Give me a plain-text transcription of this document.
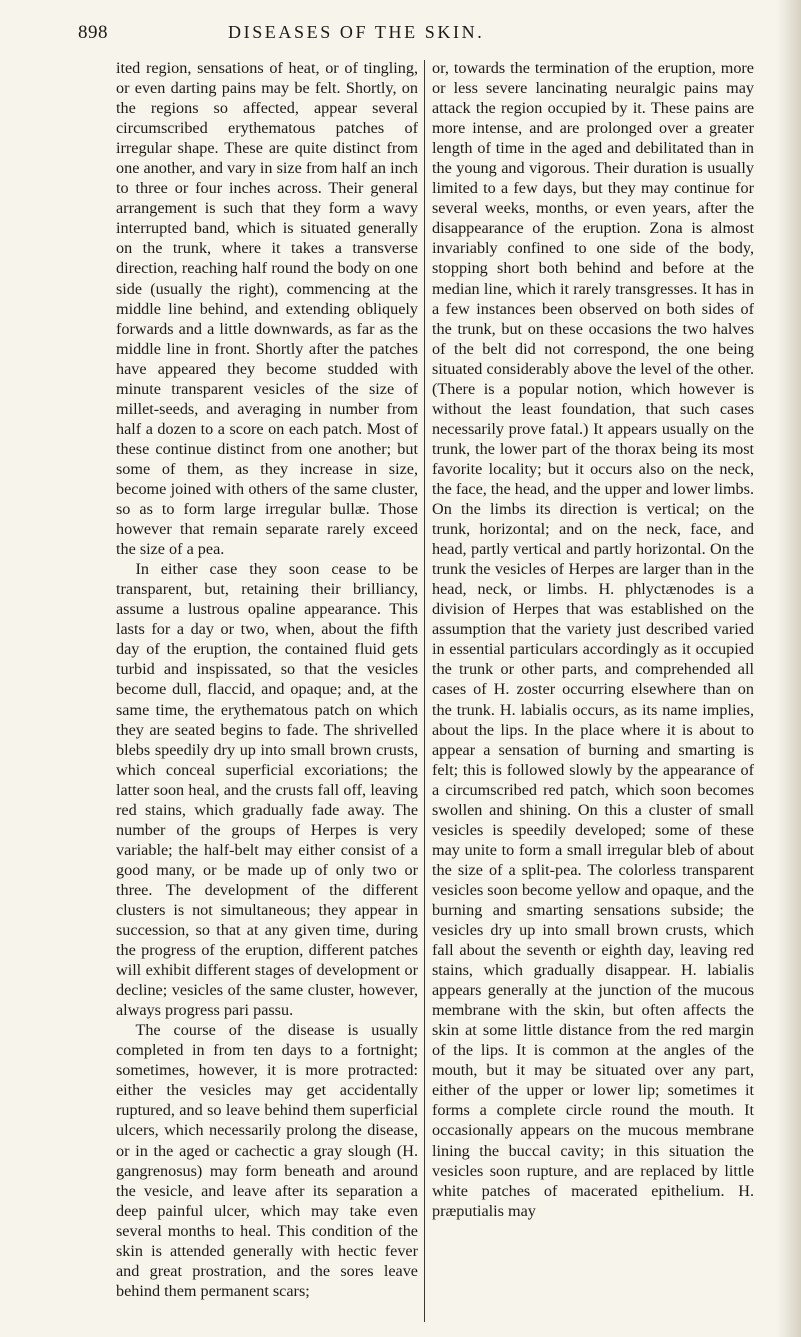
898	DISEASES OF THE SKIN.

ited region, sensations of heat, or of tingling, or even darting pains may be felt. Shortly, on the regions so affected, appear several circumscribed erythematous patches of irregular shape. These are quite distinct from one another, and vary in size from half an inch to three or four inches across. Their general arrangement is such that they form a wavy interrupted band, which is situated generally on the trunk, where it takes a transverse direction, reaching half round the body on one side (usually the right), commencing at the middle line behind, and extending obliquely forwards and a little downwards, as far as the middle line in front. Shortly after the patches have appeared they become studded with minute transparent vesicles of the size of millet-seeds, and averaging in number from half a dozen to a score on each patch. Most of these continue distinct from one another; but some of them, as they increase in size, become joined with others of the same cluster, so as to form large irregular bullæ. Those however that remain separate rarely exceed the size of a pea.

In either case they soon cease to be transparent, but, retaining their brilliancy, assume a lustrous opaline appearance. This lasts for a day or two, when, about the fifth day of the eruption, the contained fluid gets turbid and inspissated, so that the vesicles become dull, flaccid, and opaque; and, at the same time, the erythematous patch on which they are seated begins to fade. The shrivelled blebs speedily dry up into small brown crusts, which conceal superficial excoriations; the latter soon heal, and the crusts fall off, leaving red stains, which gradually fade away. The number of the groups of Herpes is very variable; the half-belt may either consist of a good many, or be made up of only two or three. The development of the different clusters is not simultaneous; they appear in succession, so that at any given time, during the progress of the eruption, different patches will exhibit different stages of development or decline; vesicles of the same cluster, however, always progress pari passu.

The course of the disease is usually completed in from ten days to a fortnight; sometimes, however, it is more protracted: either the vesicles may get accidentally ruptured, and so leave behind them superficial ulcers, which necessarily prolong the disease, or in the aged or cachectic a gray slough (H. gangrenosus) may form beneath and around the vesicle, and leave after its separation a deep painful ulcer, which may take even several months to heal. This condition of the skin is attended generally with hectic fever and great prostration, and the sores leave behind them permanent scars;

or, towards the termination of the eruption, more or less severe lancinating neuralgic pains may attack the region occupied by it. These pains are more intense, and are prolonged over a greater length of time in the aged and debilitated than in the young and vigorous. Their duration is usually limited to a few days, but they may continue for several weeks, months, or even years, after the disappearance of the eruption. Zona is almost invariably confined to one side of the body, stopping short both behind and before at the median line, which it rarely transgresses. It has in a few instances been observed on both sides of the trunk, but on these occasions the two halves of the belt did not correspond, the one being situated considerably above the level of the other. (There is a popular notion, which however is without the least foundation, that such cases necessarily prove fatal.) It appears usually on the trunk, the lower part of the thorax being its most favorite locality; but it occurs also on the neck, the face, the head, and the upper and lower limbs. On the limbs its direction is vertical; on the trunk, horizontal; and on the neck, face, and head, partly vertical and partly horizontal. On the trunk the vesicles of Herpes are larger than in the head, neck, or limbs. H. phlyctænodes is a division of Herpes that was established on the assumption that the variety just described varied in essential particulars accordingly as it occupied the trunk or other parts, and comprehended all cases of H. zoster occurring elsewhere than on the trunk. H. labialis occurs, as its name implies, about the lips. In the place where it is about to appear a sensation of burning and smarting is felt; this is followed slowly by the appearance of a circumscribed red patch, which soon becomes swollen and shining. On this a cluster of small vesicles is speedily developed; some of these may unite to form a small irregular bleb of about the size of a split-pea. The colorless transparent vesicles soon become yellow and opaque, and the burning and smarting sensations subside; the vesicles dry up into small brown crusts, which fall about the seventh or eighth day, leaving red stains, which gradually disappear. H. labialis appears generally at the junction of the mucous membrane with the skin, but often affects the skin at some little distance from the red margin of the lips. It is common at the angles of the mouth, but it may be situated over any part, either of the upper or lower lip; sometimes it forms a complete circle round the mouth. It occasionally appears on the mucous membrane lining the buccal cavity; in this situation the vesicles soon rupture, and are replaced by little white patches of macerated epithelium. H. præputialis may
